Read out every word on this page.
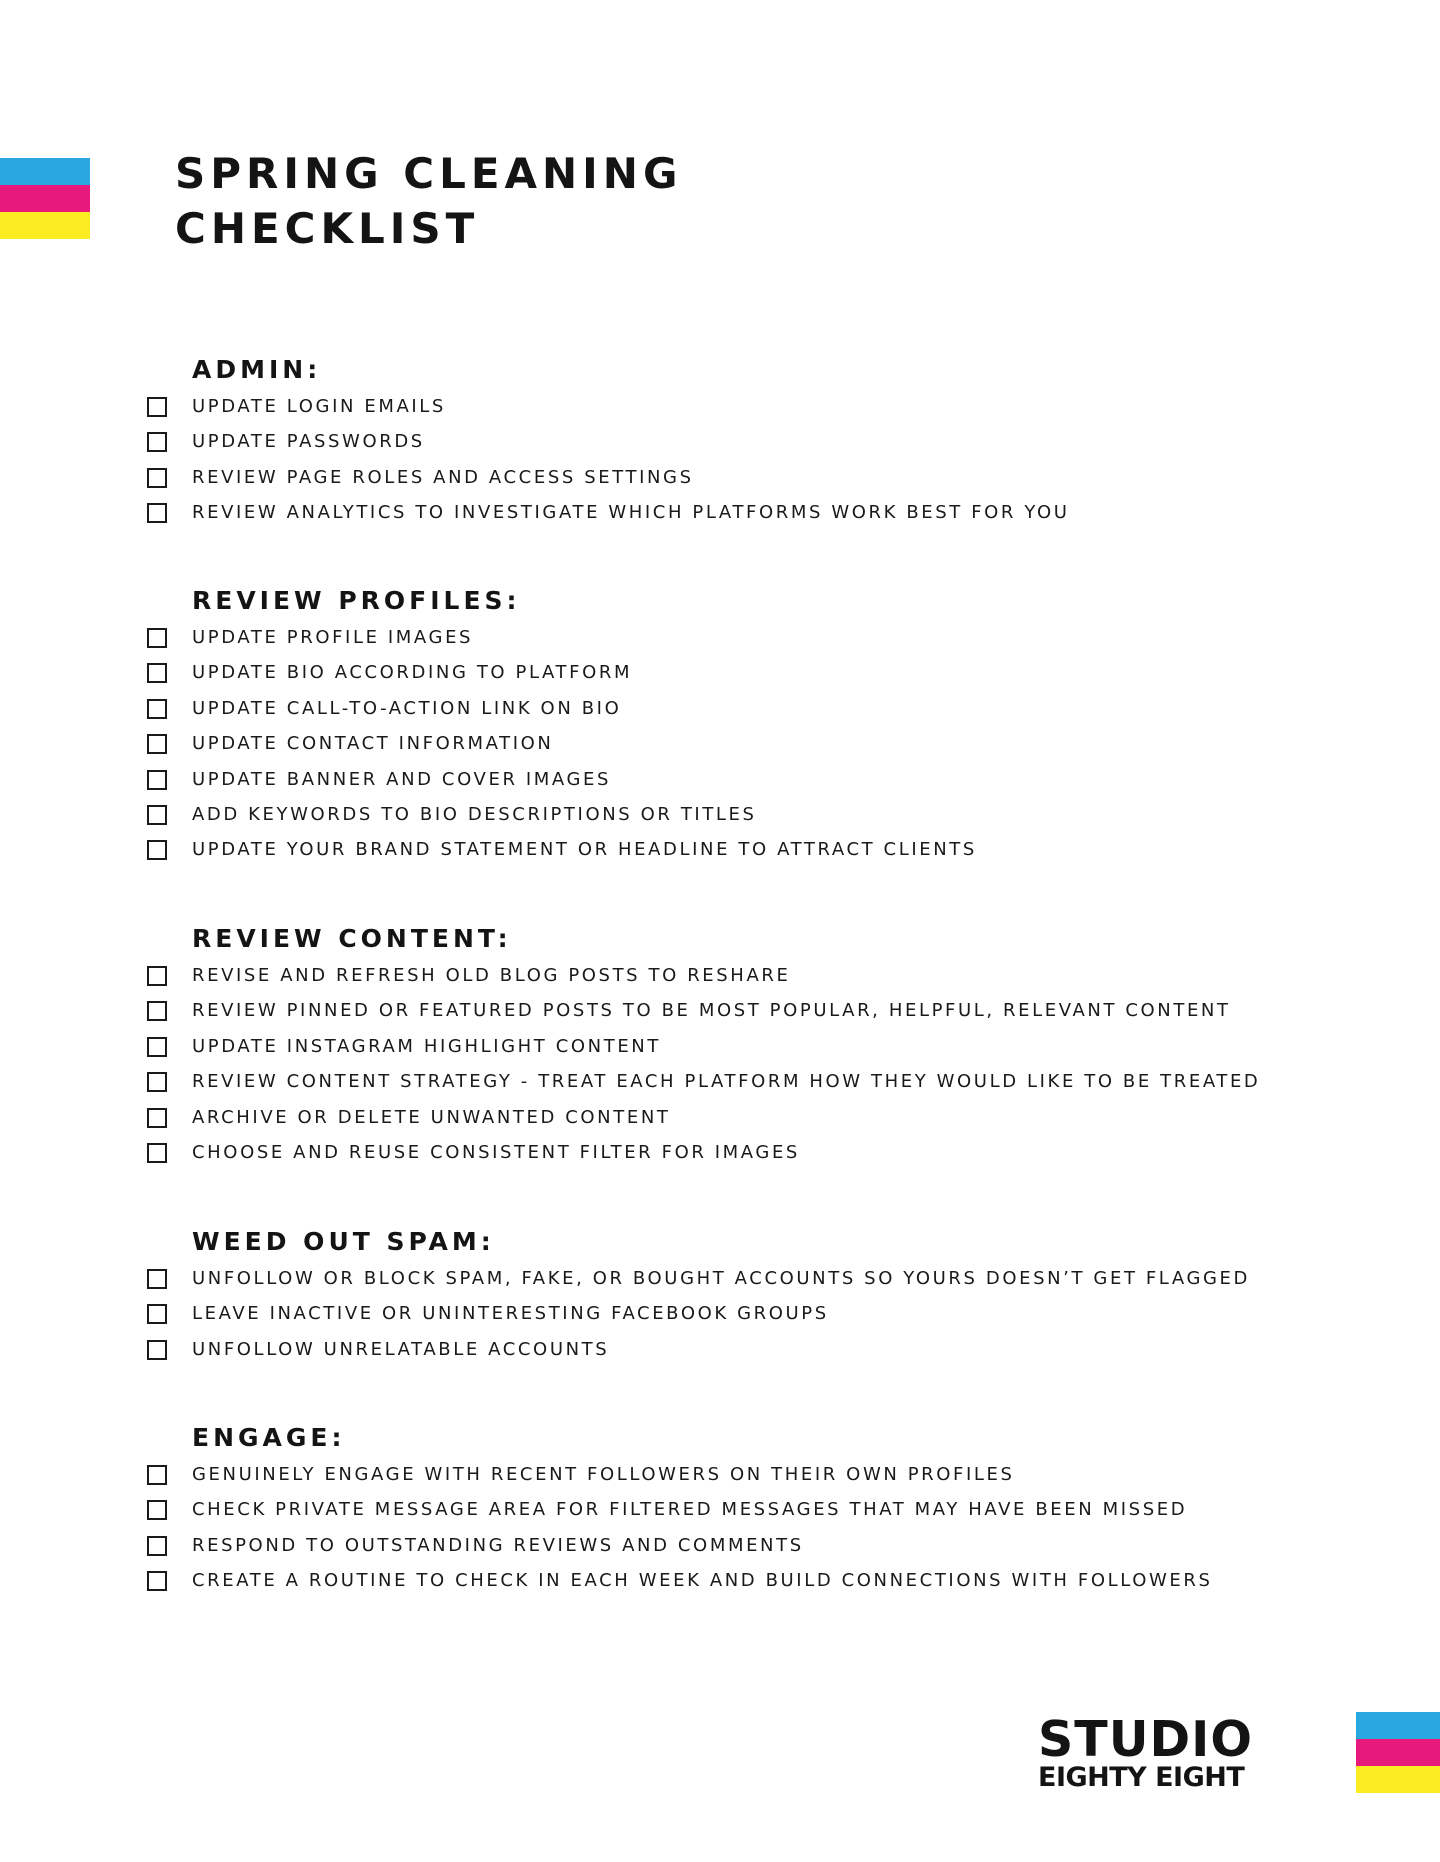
SPRING CLEANING
CHECKLIST
ADMIN:
UPDATE LOGIN EMAILS
UPDATE PASSWORDS
REVIEW PAGE ROLES AND ACCESS SETTINGS
REVIEW ANALYTICS TO INVESTIGATE WHICH PLATFORMS WORK BEST FOR YOU
REVIEW PROFILES:
UPDATE PROFILE IMAGES
UPDATE BIO ACCORDING TO PLATFORM
UPDATE CALL-TO-ACTION LINK ON BIO
UPDATE CONTACT INFORMATION
UPDATE BANNER AND COVER IMAGES
ADD KEYWORDS TO BIO DESCRIPTIONS OR TITLES
UPDATE YOUR BRAND STATEMENT OR HEADLINE TO ATTRACT CLIENTS
REVIEW CONTENT:
REVISE AND REFRESH OLD BLOG POSTS TO RESHARE
REVIEW PINNED OR FEATURED POSTS TO BE MOST POPULAR, HELPFUL, RELEVANT CONTENT
UPDATE INSTAGRAM HIGHLIGHT CONTENT
REVIEW CONTENT STRATEGY - TREAT EACH PLATFORM HOW THEY WOULD LIKE TO BE TREATED
ARCHIVE OR DELETE UNWANTED CONTENT
CHOOSE AND REUSE CONSISTENT FILTER FOR IMAGES
WEED OUT SPAM:
UNFOLLOW OR BLOCK SPAM, FAKE, OR BOUGHT ACCOUNTS SO YOURS DOESN’T GET FLAGGED
LEAVE INACTIVE OR UNINTERESTING FACEBOOK GROUPS
UNFOLLOW UNRELATABLE ACCOUNTS
ENGAGE:
GENUINELY ENGAGE WITH RECENT FOLLOWERS ON THEIR OWN PROFILES
CHECK PRIVATE MESSAGE AREA FOR FILTERED MESSAGES THAT MAY HAVE BEEN MISSED
RESPOND TO OUTSTANDING REVIEWS AND COMMENTS
CREATE A ROUTINE TO CHECK IN EACH WEEK AND BUILD CONNECTIONS WITH FOLLOWERS
STUDIO
EIGHTY EIGHT
